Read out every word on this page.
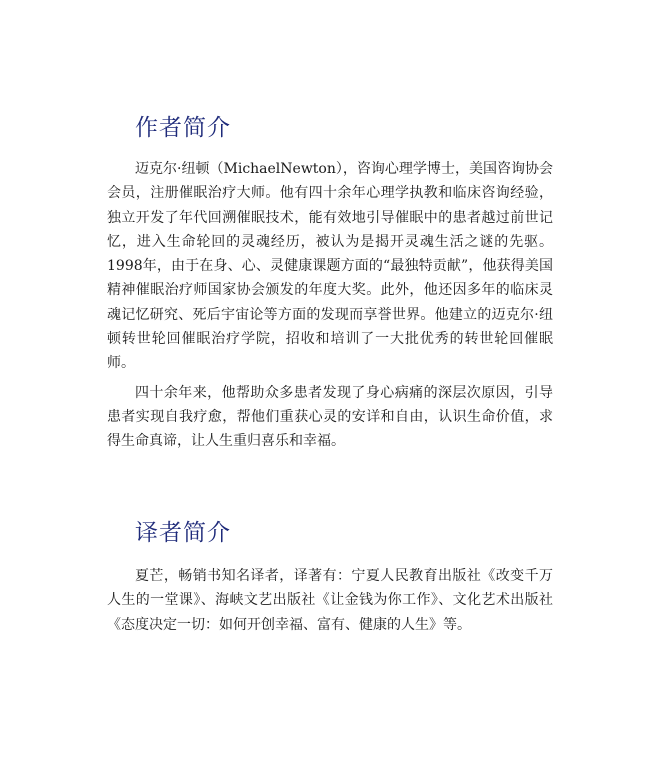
作者简介

迈克尔·纽顿（MichaelNewton），咨询心理学博士，美国咨询协会会员，注册催眠治疗大师。他有四十余年心理学执教和临床咨询经验，独立开发了年代回溯催眠技术，能有效地引导催眠中的患者越过前世记忆，进入生命轮回的灵魂经历，被认为是揭开灵魂生活之谜的先驱。1998年，由于在身、心、灵健康课题方面的“最独特贡献”，他获得美国精神催眠治疗师国家协会颁发的年度大奖。此外，他还因多年的临床灵魂记忆研究、死后宇宙论等方面的发现而享誉世界。他建立的迈克尔·纽顿转世轮回催眠治疗学院，招收和培训了一大批优秀的转世轮回催眠师。

四十余年来，他帮助众多患者发现了身心病痛的深层次原因，引导患者实现自我疗愈，帮他们重获心灵的安详和自由，认识生命价值，求得生命真谛，让人生重归喜乐和幸福。

译者简介

夏芒，畅销书知名译者，译著有：宁夏人民教育出版社《改变千万人生的一堂课》、海峡文艺出版社《让金钱为你工作》、文化艺术出版社《态度决定一切：如何开创幸福、富有、健康的人生》等。
